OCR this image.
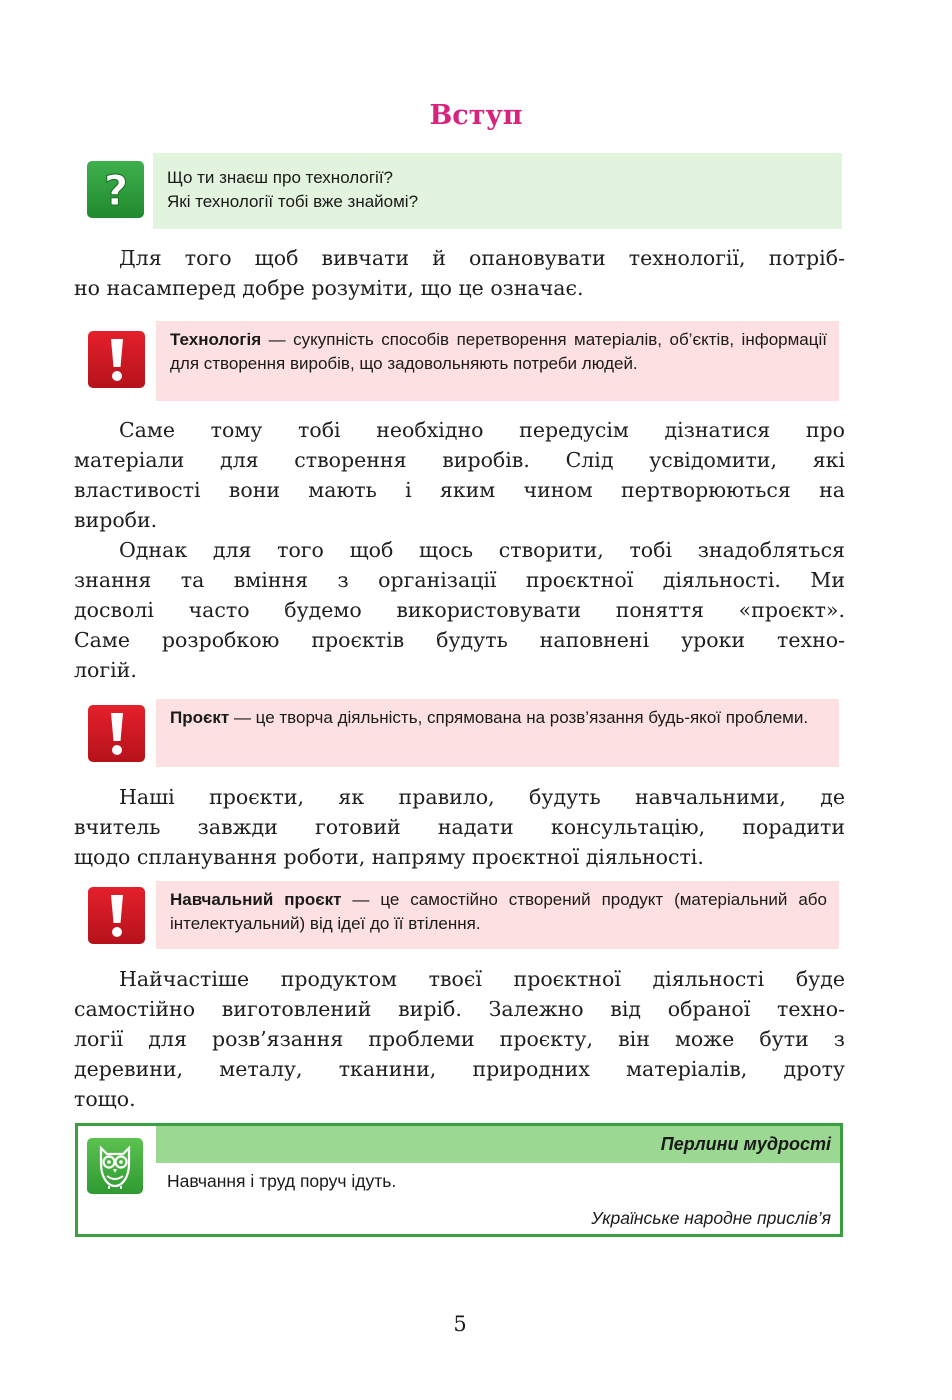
Вступ
? Що ти знаєш про технології?
Які технології тобі вже знайомі?
Для того щоб вивчати й опановувати технології, потріб-
но насамперед добре розуміти, що це означає.
Технологія — сукупність способів перетворення матеріалів, об’єктів, інформації для створення виробів, що задовольняють потреби людей.
Саме тому тобі необхідно передусім дізнатися про
матеріали для створення виробів. Слід усвідомити, які
властивості вони мають і яким чином пертворюються на
вироби.
Однак для того щоб щось створити, тобі знадобляться
знання та вміння з організації проєктної діяльності. Ми
досволі часто будемо використовувати поняття «проєкт».
Саме розробкою проєктів будуть наповнені уроки техно-
логій.
Проєкт — це творча діяльність, спрямована на розв’язання будь-якої проблеми.
Наші проєкти, як правило, будуть навчальними, де
вчитель завжди готовий надати консультацію, порадити
щодо спланування роботи, напряму проєктної діяльності.
Навчальний проєкт — це самостійно створений продукт (матеріальний або інтелектуальний) від ідеї до її втілення.
Найчастіше продуктом твоєї проєктної діяльності буде
самостійно виготовлений виріб. Залежно від обраної техно-
логії для розв’язання проблеми проєкту, він може бути з
деревини, металу, тканини, природних матеріалів, дроту
тощо.
Перлини мудрості
Навчання і труд поруч ідуть.
Українське народне прислів’я
5
